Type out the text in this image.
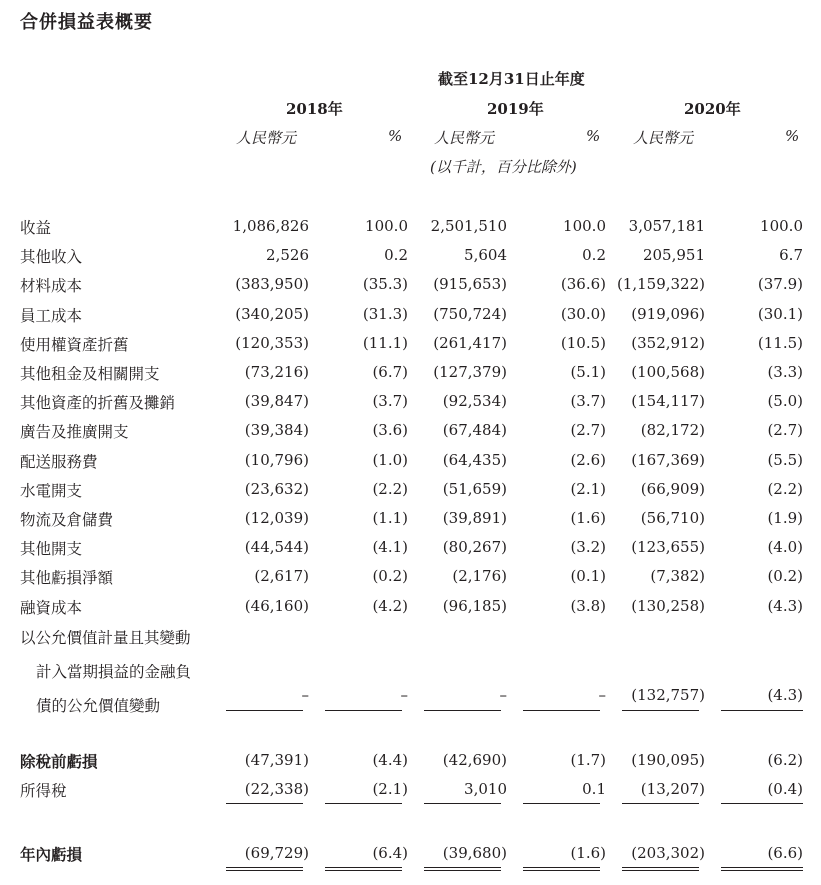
合併損益表概要
截至12月31日止年度
2018年	2019年	2020年
人民幣元	% 人民幣元	% 人民幣元	%
(以千計，百分比除外)
收益	1,086,826	100.0 2,501,510	100.0 3,057,181	100.0
其他收入	2,526	0.2	5,604	0.2 205,951	6.7
材料成本	(383,950)	(35.3) (915,653)	(36.6) (1,159,322)	(37.9)
員工成本	(340,205)	(31.3) (750,724)	(30.0) (919,096)	(30.1)
使用權資產折舊	(120,353)	(11.1) (261,417)	(10.5) (352,912)	(11.5)
其他租金及相關開支	(73,216)	(6.7) (127,379)	(5.1) (100,568)	(3.3)
其他資產的折舊及攤銷	(39,847)	(3.7) (92,534)	(3.7) (154,117)	(5.0)
廣告及推廣開支	(39,384)	(3.6) (67,484)	(2.7) (82,172)	(2.7)
配送服務費	(10,796)	(1.0) (64,435)	(2.6) (167,369)	(5.5)
水電開支	(23,632)	(2.2) (51,659)	(2.1) (66,909)	(2.2)
物流及倉儲費	(12,039)	(1.1) (39,891)	(1.6) (56,710)	(1.9)
其他開支	(44,544)	(4.1) (80,267)	(3.2) (123,655)	(4.0)
其他虧損淨額	(2,617)	(0.2)	(2,176)	(0.1)	(7,382)	(0.2)
融資成本	(46,160)	(4.2) (96,185)	(3.8) (130,258)	(4.3)
以公允價值計量且其變動
計入當期損益的金融負
債的公允價值變動
–	–	–	– (132,757)	(4.3)
除稅前虧損	(47,391)	(4.4) (42,690)	(1.7) (190,095)	(6.2)
所得稅	(22,338)	(2.1)	3,010	0.1 (13,207)	(0.4)
年內虧損	(69,729)	(6.4) (39,680)	(1.6) (203,302)	(6.6)
